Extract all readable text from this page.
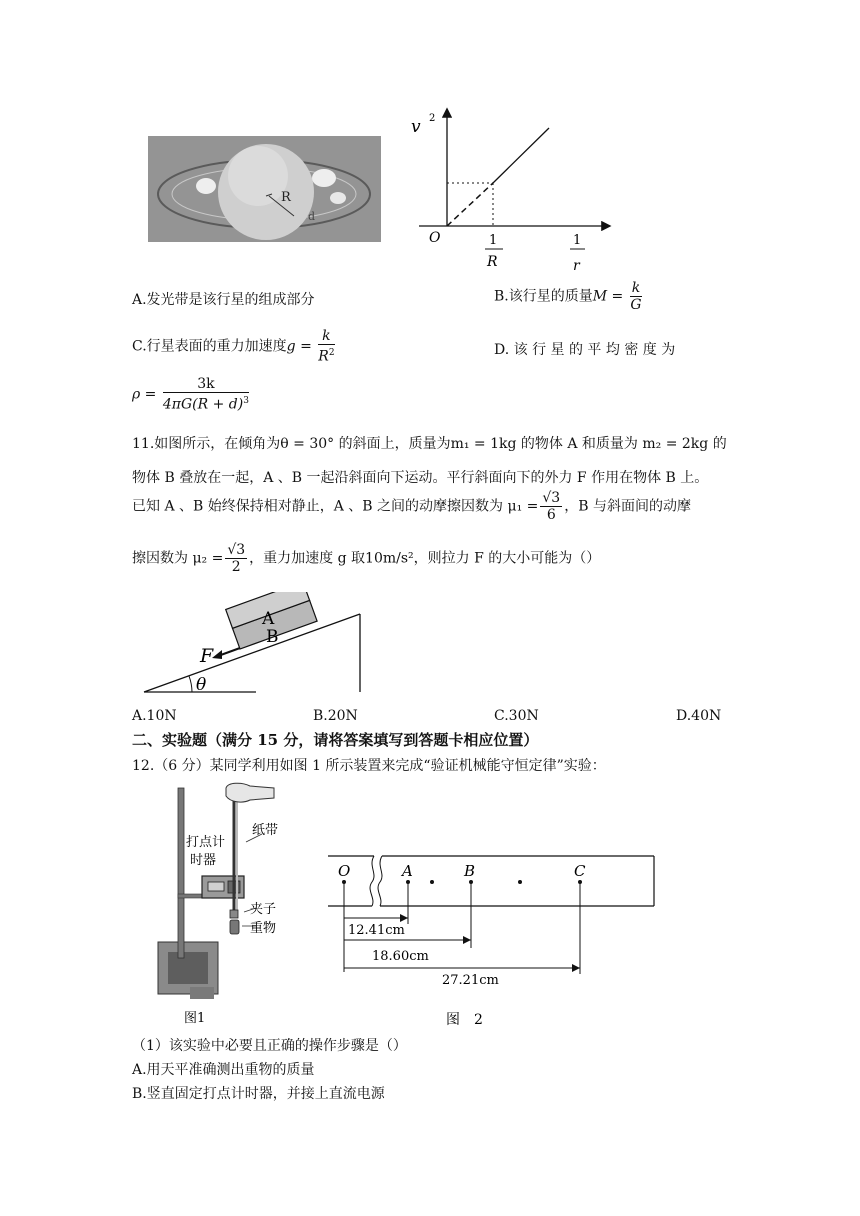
R
d
v 2
O	1
R
1
r
A.发光带是该行星的组成部分	B.该行星的质量$M = \frac{k}{G}$
C.行星表面的重力加速度$g = \frac{k}{R^2}$	D. 该 行 星 的 平 均 密 度 为
$\rho = \frac{3k}{4\pi G(R + d)^3}$
11.如图所示，在倾角为θ = 30° 的斜面上，质量为m₁ = 1kg 的物体 A 和质量为 m₂ = 2kg 的
物体 B 叠放在一起，A 、B 一起沿斜面向下运动。平行斜面向下的外力 F 作用在物体 B 上。
已知 A 、B 始终保持相对静止，A 、B 之间的动摩擦因数为 $\mu_1 = \frac{√3}{6}$ ，B 与斜面间的动摩
擦因数为 $\mu_2 = \frac{√3}{2}$ ，重力加速度 g 取10m/s²，则拉力 F 的大小可能为（）
A
B
F
θ
A.10N	B.20N	C.30N	D.40N
二、实验题（满分 15 分，请将答案填写到答题卡相应位置）
12.（6 分）某同学利用如图 1 所示装置来完成“验证机械能守恒定律”实验：
纸带
打点计
时器
夹子
重物
图1
O	A	B	C
12.41cm
18.60cm
27.21cm
图　2
（1）该实验中必要且正确的操作步骤是（）
A.用天平准确测出重物的质量
B.竖直固定打点计时器，并接上直流电源
